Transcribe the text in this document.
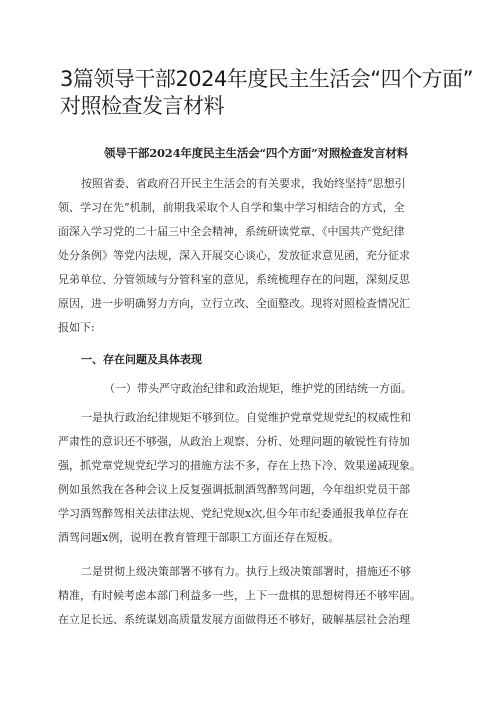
3篇领导干部2024年度民主生活会“四个方面”
对照检查发言材料
领导干部2024年度民主生活会“四个方面”对照检查发言材料
按照省委、省政府召开民主生活会的有关要求，我始终坚持“思想引
领、学习在先”机制，前期我采取个人自学和集中学习相结合的方式，全
面深入学习党的二十届三中全会精神，系统研读党章、《中国共产党纪律
处分条例》等党内法规，深入开展交心谈心，发放征求意见函，充分征求
兄弟单位、分管领域与分管科室的意见，系统梳理存在的问题，深刻反思
原因，进一步明确努力方向，立行立改、全面整改。现将对照检查情况汇
报如下:
一、存在问题及具体表现
（一）带头严守政治纪律和政治规矩，维护党的团结统一方面。
一是执行政治纪律规矩不够到位。自觉维护党章党规党纪的权威性和
严肃性的意识还不够强，从政治上观察、分析、处理问题的敏锐性有待加
强，抓党章党规党纪学习的措施方法不多，存在上热下冷、效果递减现象。
例如虽然我在各种会议上反复强调抵制酒驾醉驾问题，今年组织党员干部
学习酒驾醉驾相关法律法规、党纪党规x次,但今年市纪委通报我单位存在
酒驾问题x例，说明在教育管理干部职工方面还存在短板。
二是贯彻上级决策部署不够有力。执行上级决策部署时，措施还不够
精准，有时候考虑本部门利益多一些，上下一盘棋的思想树得还不够牢固。
在立足长远、系统谋划高质量发展方面做得还不够好，破解基层社会治理
